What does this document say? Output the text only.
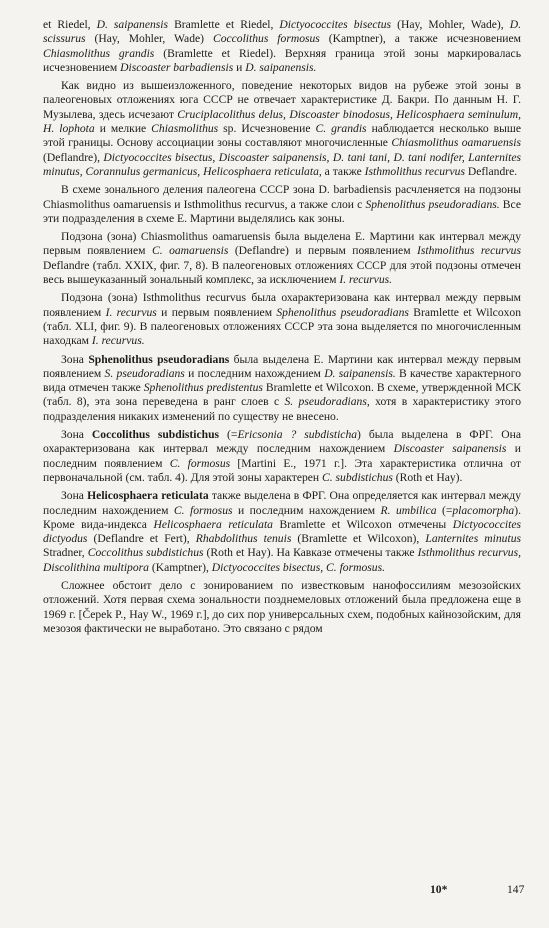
et Riedel, D. saipanensis Bramlette et Riedel, Dictyococcites bisectus (Hay, Mohler, Wade), D. scissurus (Hay, Mohler, Wade) Coccolithus formosus (Kamptner), а также исчезновением Chiasmolithus grandis (Bramlette et Riedel). Верхняя граница этой зоны маркировалась исчезновением Discoaster barbadiensis и D. saipanensis.

Как видно из вышеизложенного, поведение некоторых видов на рубеже этой зоны в палеогеновых отложениях юга СССР не отвечает характеристике Д. Бакри. По данным Н. Г. Музылева, здесь исчезают Cruciplacolithus delus, Discoaster binodosus, Helicosphaera seminulum, H. lophota и мелкие Chiasmolithus sp. Исчезновение C. grandis наблюдается несколько выше этой границы. Основу ассоциации зоны составляют многочисленные Chiasmolithus oamaruensis (Deflandre), Dictyococcites bisectus, Discoaster saipanensis, D. tani tani, D. tani nodifer, Lanternites minutus, Corannulus germanicus, Helicosphaera reticulata, а также Isthmolithus recurvus Deflandre.

В схеме зонального деления палеогена СССР зона D. barbadiensis расчленяется на подзоны Chiasmolithus oamaruensis и Isthmolithus recurvus, а также слои с Sphenolithus pseudoradians. Все эти подразделения в схеме Е. Мартини выделялись как зоны.

Подзона (зона) Chiasmolithus oamaruensis была выделена Е. Мартини как интервал между первым появлением C. oamaruensis (Deflandre) и первым появлением Isthmolithus recurvus Deflandre (табл. XXIX, фиг. 7, 8). В палеогеновых отложениях СССР для этой подзоны отмечен весь вышеуказанный зональный комплекс, за исключением I. recurvus.

Подзона (зона) Isthmolithus recurvus была охарактеризована как интервал между первым появлением I. recurvus и первым появлением Sphenolithus pseudoradians Bramlette et Wilcoxon (табл. XLI, фиг. 9). В палеогеновых отложениях СССР эта зона выделяется по многочисленным находкам I. recurvus.

Зона Sphenolithus pseudoradians была выделена Е. Мартини как интервал между первым появлением S. pseudoradians и последним нахождением D. saipanensis. В качестве характерного вида отмечен также Sphenolithus predistentus Bramlette et Wilcoxon. В схеме, утвержденной МСК (табл. 8), эта зона переведена в ранг слоев с S. pseudoradians, хотя в характеристику этого подразделения никаких изменений по существу не внесено.

Зона Coccolithus subdistichus (=Ericsonia ? subdisticha) была выделена в ФРГ. Она охарактеризована как интервал между последним нахождением Discoaster saipanensis и последним появлением C. formosus [Martini E., 1971 г.]. Эта характеристика отлична от первоначальной (см. табл. 4). Для этой зоны характерен C. subdistichus (Roth et Hay).

Зона Helicosphaera reticulata также выделена в ФРГ. Она определяется как интервал между последним нахождением C. formosus и последним нахождением R. umbilica (=placomorpha). Кроме вида-индекса Helicosphaera reticulata Bramlette et Wilcoxon отмечены Dictyococcites dictyodus (Deflandre et Fert), Rhabdolithus tenuis (Bramlette et Wilcoxon), Lanternites minutus Stradner, Coccolithus subdistichus (Roth et Hay). На Кавказе отмечены также Isthmolithus recurvus, Discolithina multipora (Kamptner), Dictyococcites bisectus, C. formosus.

Сложнее обстоит дело с зонированием по известковым нанофоссилиям мезозойских отложений. Хотя первая схема зональности позднемеловых отложений была предложена еще в 1969 г. [Čepek P., Hay W., 1969 г.], до сих пор универсальных схем, подобных кайнозойским, для мезозоя фактически не выработано. Это связано с рядом

10*	147
